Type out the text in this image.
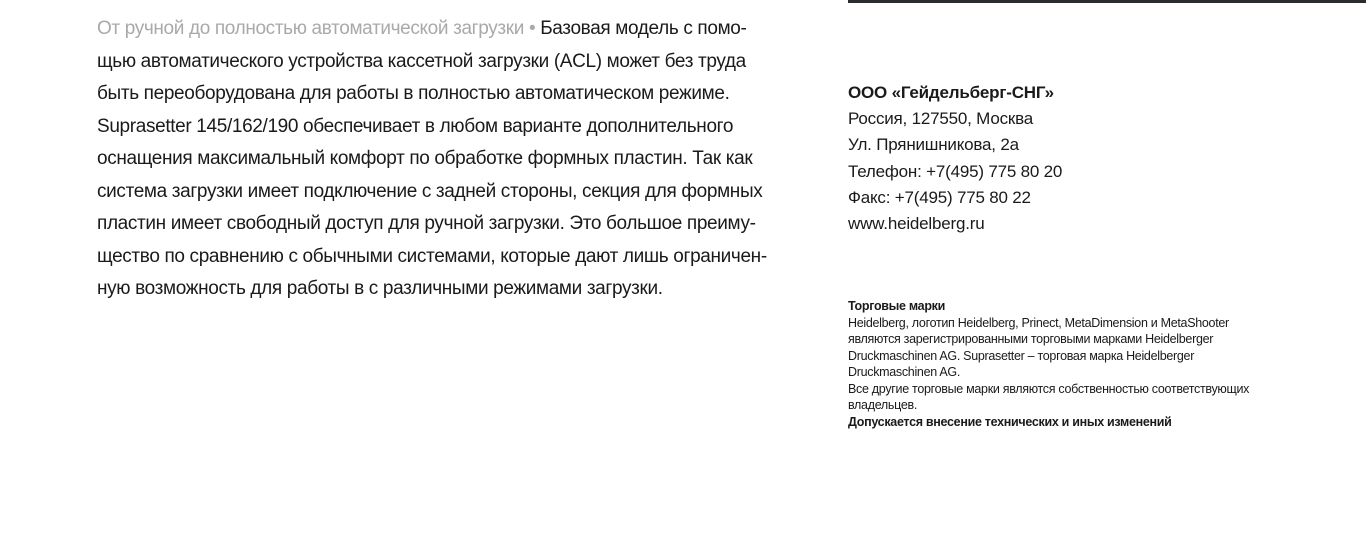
От ручной до полностью автоматической загрузки • Базовая модель с помо-
щью автоматического устройства кассетной загрузки (ACL) может без труда
быть переоборудована для работы в полностью автоматическом режиме.
Suprasetter 145/162/190 обеспечивает в любом варианте дополнительного
оснащения максимальный комфорт по обработке формных пластин. Так как
система загрузки имеет подключение с задней стороны, секция для формных
пластин имеет свободный доступ для ручной загрузки. Это большое преиму-
щество по сравнению с обычными системами, которые дают лишь ограничен-
ную возможность для работы в с различными режимами загрузки.

ООО «Гейдельберг-СНГ»
Россия, 127550, Москва
Ул. Прянишникова, 2а
Телефон: +7(495) 775 80 20
Факс: +7(495) 775 80 22
www.heidelberg.ru
Торговые марки
Heidelberg, логотип Heidelberg, Prinect, MetaDimension и MetaShooter
являются зарегистрированными торговыми марками Heidelberger
Druckmaschinen AG. Suprasetter – торговая марка Heidelberger
Druckmaschinen AG.
Все другие торговые марки являются собственностью соответствующих
владельцев.
Допускается внесение технических и иных изменений
